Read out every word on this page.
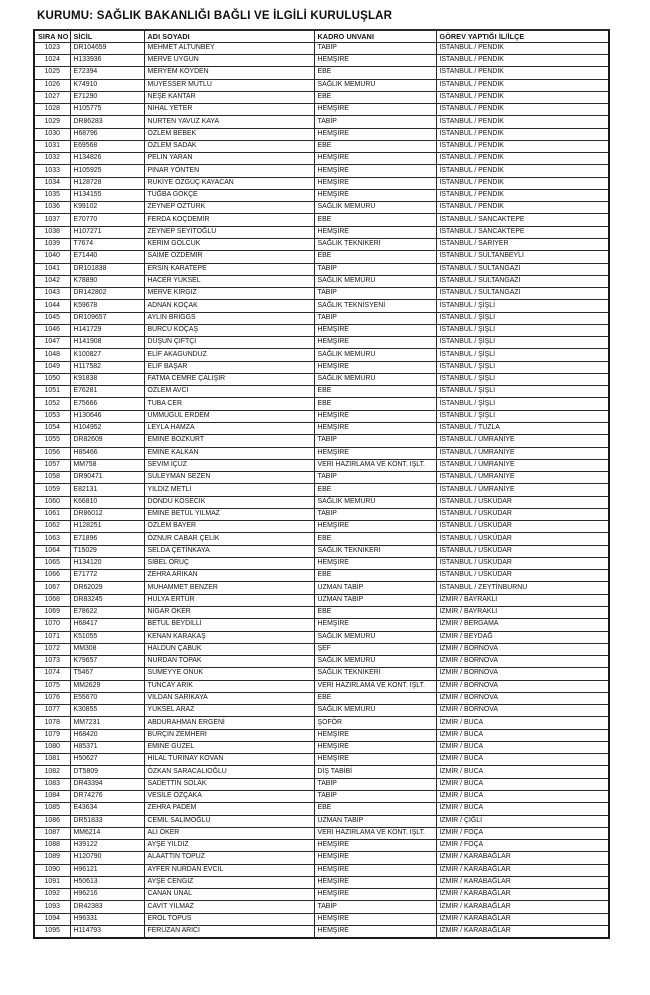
KURUMU: SAĞLIK BAKANLIĞI BAĞLI VE İLGİLİ KURULUŞLAR
SIRA NO	SİCİL	ADI SOYADI	KADRO UNVANI	GÖREV YAPTIĞI İL/İLÇE
1023	DR104659	MEHMET ALTUNBEY	TABİP	İSTANBUL / PENDİK
1024	H133936	MERVE UYGUN	HEMŞİRE	İSTANBUL / PENDİK
1025	E72394	MERYEM KÖYDEN	EBE	İSTANBUL / PENDİK
1026	K74910	MÜYESSER MUTLU	SAĞLIK MEMURU	İSTANBUL / PENDİK
1027	E71290	NEŞE KANTAR	EBE	İSTANBUL / PENDİK
1028	H105775	NİHAL YETER	HEMŞİRE	İSTANBUL / PENDİK
1029	DR86283	NURTEN YAVUZ KAYA	TABİP	İSTANBUL / PENDİK
1030	H68796	ÖZLEM BEBEK	HEMŞİRE	İSTANBUL / PENDİK
1031	E69568	ÖZLEM SADAK	EBE	İSTANBUL / PENDİK
1032	H134826	PELİN YARAN	HEMŞİRE	İSTANBUL / PENDİK
1033	H105925	PINAR YÖNTEN	HEMŞİRE	İSTANBUL / PENDİK
1034	H128728	RUKİYE ÖZGÜÇ KAYACAN	HEMŞİRE	İSTANBUL / PENDİK
1035	H134155	TUĞBA GÖKÇE	HEMŞİRE	İSTANBUL / PENDİK
1036	K99102	ZEYNEP ÖZTÜRK	SAĞLIK MEMURU	İSTANBUL / PENDİK
1037	E70770	FERDA KOÇDEMİR	EBE	İSTANBUL / SANCAKTEPE
1038	H107271	ZEYNEP SEYİTOĞLU	HEMŞİRE	İSTANBUL / SANCAKTEPE
1039	T7674	KERİM GÖLCÜK	SAĞLIK TEKNİKERİ	İSTANBUL / SARIYER
1040	E71440	SAİME ÖZDEMİR	EBE	İSTANBUL / SULTANBEYLİ
1041	DR101838	ERSİN KARATEPE	TABİP	İSTANBUL / SULTANGAZİ
1042	K78890	HACER YÜKSEL	SAĞLIK MEMURU	İSTANBUL / SULTANGAZİ
1043	DR142802	MERVE KIRGIZ	TABİP	İSTANBUL / SULTANGAZİ
1044	K59678	ADNAN KOÇAK	SAĞLIK TEKNİSYENİ	İSTANBUL / ŞİŞLİ
1045	DR109657	AYLİN BRİGGS	TABİP	İSTANBUL / ŞİŞLİ
1046	H141729	BURCU KOÇAŞ	HEMŞİRE	İSTANBUL / ŞİŞLİ
1047	H141908	DÜŞÜN ÇİFTÇİ	HEMŞİRE	İSTANBUL / ŞİŞLİ
1048	K100827	ELİF AKAGUNDUZ	SAĞLIK MEMURU	İSTANBUL / ŞİŞLİ
1049	H117582	ELİF BAŞAR	HEMŞİRE	İSTANBUL / ŞİŞLİ
1050	K91838	FATMA CEMRE ÇALIŞIR	SAĞLIK MEMURU	İSTANBUL / ŞİŞLİ
1051	E76281	ÖZLEM AVCI	EBE	İSTANBUL / ŞİŞLİ
1052	E75666	TUBA CER	EBE	İSTANBUL / ŞİŞLİ
1053	H130646	ÜMMÜGÜL ERDEM	HEMŞİRE	İSTANBUL / ŞİŞLİ
1054	H104952	LEYLA HAMZA	HEMŞİRE	İSTANBUL / TUZLA
1055	DR82609	EMİNE BOZKURT	TABİP	İSTANBUL / ÜMRANİYE
1056	H85466	EMİNE KALKAN	HEMŞİRE	İSTANBUL / ÜMRANİYE
1057	MM758	SEVİM İÇUZ	VERİ HAZIRLAMA VE KONT. İŞLT.	İSTANBUL / ÜMRANİYE
1058	DR90471	SÜLEYMAN SEZEN	TABİP	İSTANBUL / ÜMRANİYE
1059	E82131	YILDIZ METLİ	EBE	İSTANBUL / ÜMRANİYE
1060	K66810	DÖNDÜ KÖSECİK	SAĞLIK MEMURU	İSTANBUL / ÜSKÜDAR
1061	DR86012	EMİNE BETÜL YILMAZ	TABİP	İSTANBUL / ÜSKÜDAR
1062	H128251	ÖZLEM BAYER	HEMŞİRE	İSTANBUL / ÜSKÜDAR
1063	E71896	ÖZNUR CABAR ÇELİK	EBE	İSTANBUL / ÜSKÜDAR
1064	T15029	SELDA ÇETİNKAYA	SAĞLIK TEKNİKERİ	İSTANBUL / ÜSKÜDAR
1065	H134120	SİBEL ORUÇ	HEMŞİRE	İSTANBUL / ÜSKÜDAR
1066	E71772	ZEHRA ARIKAN	EBE	İSTANBUL / ÜSKÜDAR
1067	DR62029	MUHAMMET BENZER	UZMAN TABİP	İSTANBUL / ZEYTİNBURNU
1068	DR83245	HÜLYA ERTÜR	UZMAN TABİP	İZMİR / BAYRAKLI
1069	E78622	NİGAR ÖKER	EBE	İZMİR / BAYRAKLI
1070	H68417	BETÜL BEYDİLLİ	HEMŞİRE	İZMİR / BERGAMA
1071	K51055	KENAN KARAKAŞ	SAĞLIK MEMURU	İZMİR / BEYDAĞ
1072	MM308	HALDUN ÇABUK	ŞEF	İZMİR / BORNOVA
1073	K79657	NURDAN TOPAK	SAĞLIK MEMURU	İZMİR / BORNOVA
1074	T5467	SÜMEYYE ONUK	SAĞLIK TEKNİKERİ	İZMİR / BORNOVA
1075	MM2629	TUNCAY ARIK	VERİ HAZIRLAMA VE KONT. İŞLT.	İZMİR / BORNOVA
1076	E55670	VİLDAN SARIKAYA	EBE	İZMİR / BORNOVA
1077	K30855	YÜKSEL ARAZ	SAĞLIK MEMURU	İZMİR / BORNOVA
1078	MM7231	ABDURAHMAN ERGENİ	ŞOFÖR	İZMİR / BUCA
1079	H68420	BURÇİN ZEMHERİ	HEMŞİRE	İZMİR / BUCA
1080	H85371	EMİNE GÜZEL	HEMŞİRE	İZMİR / BUCA
1081	H50627	HİLAL TURİNAY KOVAN	HEMŞİRE	İZMİR / BUCA
1082	DT5809	ÖZKAN SARACALIOĞLU	DİŞ TABİBİ	İZMİR / BUCA
1083	DR43394	SADETTİN SOLAK	TABİP	İZMİR / BUCA
1084	DR74276	VESİLE ÖZÇAKA	TABİP	İZMİR / BUCA
1085	E43634	ZEHRA PADEM	EBE	İZMİR / BUCA
1086	DR51833	CEMİL SALİMOĞLU	UZMAN TABİP	İZMİR / ÇİĞLİ
1087	MM6214	ALİ ÖKER	VERİ HAZIRLAMA VE KONT. İŞLT.	İZMİR / FOÇA
1088	H39122	AYŞE YILDIZ	HEMŞİRE	İZMİR / FOÇA
1089	H120790	ALAATTİN TOPUZ	HEMŞİRE	İZMİR / KARABAĞLAR
1090	H96121	AYFER NURDAN EVCİL	HEMŞİRE	İZMİR / KARABAĞLAR
1091	H50613	AYŞE CENGİZ	HEMŞİRE	İZMİR / KARABAĞLAR
1092	H96216	CANAN ÜNAL	HEMŞİRE	İZMİR / KARABAĞLAR
1093	DR42383	CAVİT YILMAZ	TABİP	İZMİR / KARABAĞLAR
1094	H96331	EROL TOPUS	HEMŞİRE	İZMİR / KARABAĞLAR
1095	H114793	FERUZAN ARICI	HEMŞİRE	İZMİR / KARABAĞLAR
